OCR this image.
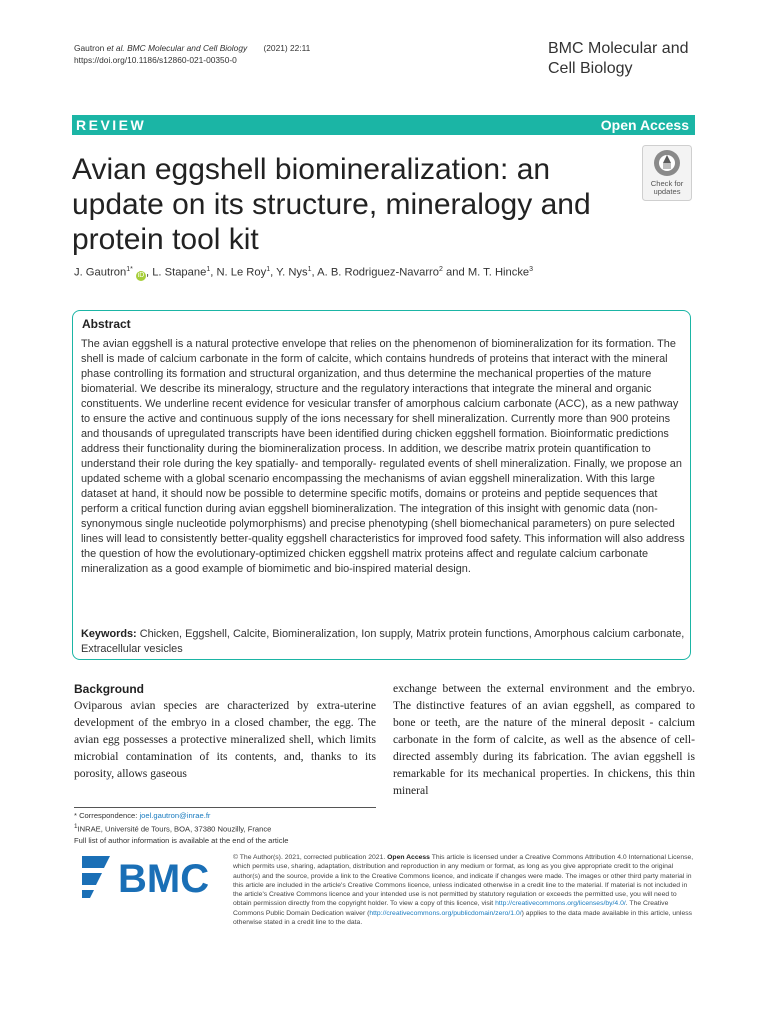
Gautron et al. BMC Molecular and Cell Biology (2021) 22:11
https://doi.org/10.1186/s12860-021-00350-0
BMC Molecular and
Cell Biology
REVIEW	Open Access
Avian eggshell biomineralization: an update on its structure, mineralogy and protein tool kit
Check for
updates
J. Gautron$^{1*}$ iD , L. Stapane$^1$, N. Le Roy$^1$, Y. Nys$^1$, A. B. Rodriguez-Navarro$^2$ and M. T. Hincke$^3$
Abstract
The avian eggshell is a natural protective envelope that relies on the phenomenon of biomineralization for its formation. The shell is made of calcium carbonate in the form of calcite, which contains hundreds of proteins that interact with the mineral phase controlling its formation and structural organization, and thus determine the mechanical properties of the mature biomaterial. We describe its mineralogy, structure and the regulatory interactions that integrate the mineral and organic constituents. We underline recent evidence for vesicular transfer of amorphous calcium carbonate (ACC), as a new pathway to ensure the active and continuous supply of the ions necessary for shell mineralization. Currently more than 900 proteins and thousands of upregulated transcripts have been identified during chicken eggshell formation. Bioinformatic predictions address their functionality during the biomineralization process. In addition, we describe matrix protein quantification to understand their role during the key spatially- and temporally- regulated events of shell mineralization. Finally, we propose an updated scheme with a global scenario encompassing the mechanisms of avian eggshell mineralization. With this large dataset at hand, it should now be possible to determine specific motifs, domains or proteins and peptide sequences that perform a critical function during avian eggshell biomineralization. The integration of this insight with genomic data (non-synonymous single nucleotide polymorphisms) and precise phenotyping (shell biomechanical parameters) on pure selected lines will lead to consistently better-quality eggshell characteristics for improved food safety. This information will also address the question of how the evolutionary-optimized chicken eggshell matrix proteins affect and regulate calcium carbonate mineralization as a good example of biomimetic and bio-inspired material design.
Keywords: Chicken, Eggshell, Calcite, Biomineralization, Ion supply, Matrix protein functions, Amorphous calcium carbonate, Extracellular vesicles
Background
Oviparous avian species are characterized by extra-uterine development of the embryo in a closed chamber, the egg. The avian egg possesses a protective mineralized shell, which limits microbial contamination of its contents, and, thanks to its porosity, allows gaseous
exchange between the external environment and the embryo. The distinctive features of an avian eggshell, as compared to bone or teeth, are the nature of the mineral deposit - calcium carbonate in the form of calcite, as well as the absence of cell-directed assembly during its fabrication. The avian eggshell is remarkable for its mechanical properties. In chickens, this thin mineral
* Correspondence: joel.gautron@inrae.fr
$^1$INRAE, Université de Tours, BOA, 37380 Nouzilly, France
Full list of author information is available at the end of the article
BMC	© The Author(s). 2021, corrected publication 2021. Open Access This article is licensed under a Creative Commons Attribution 4.0 International License, which permits use, sharing, adaptation, distribution and reproduction in any medium or format, as long as you give appropriate credit to the original author(s) and the source, provide a link to the Creative Commons licence, and indicate if changes were made. The images or other third party material in this article are included in the article's Creative Commons licence, unless indicated otherwise in a credit line to the material. If material is not included in the article's Creative Commons licence and your intended use is not permitted by statutory regulation or exceeds the permitted use, you will need to obtain permission directly from the copyright holder. To view a copy of this licence, visit http://creativecommons.org/licenses/by/4.0/. The Creative Commons Public Domain Dedication waiver (http://creativecommons.org/publicdomain/zero/1.0/) applies to the data made available in this article, unless otherwise stated in a credit line to the data.
